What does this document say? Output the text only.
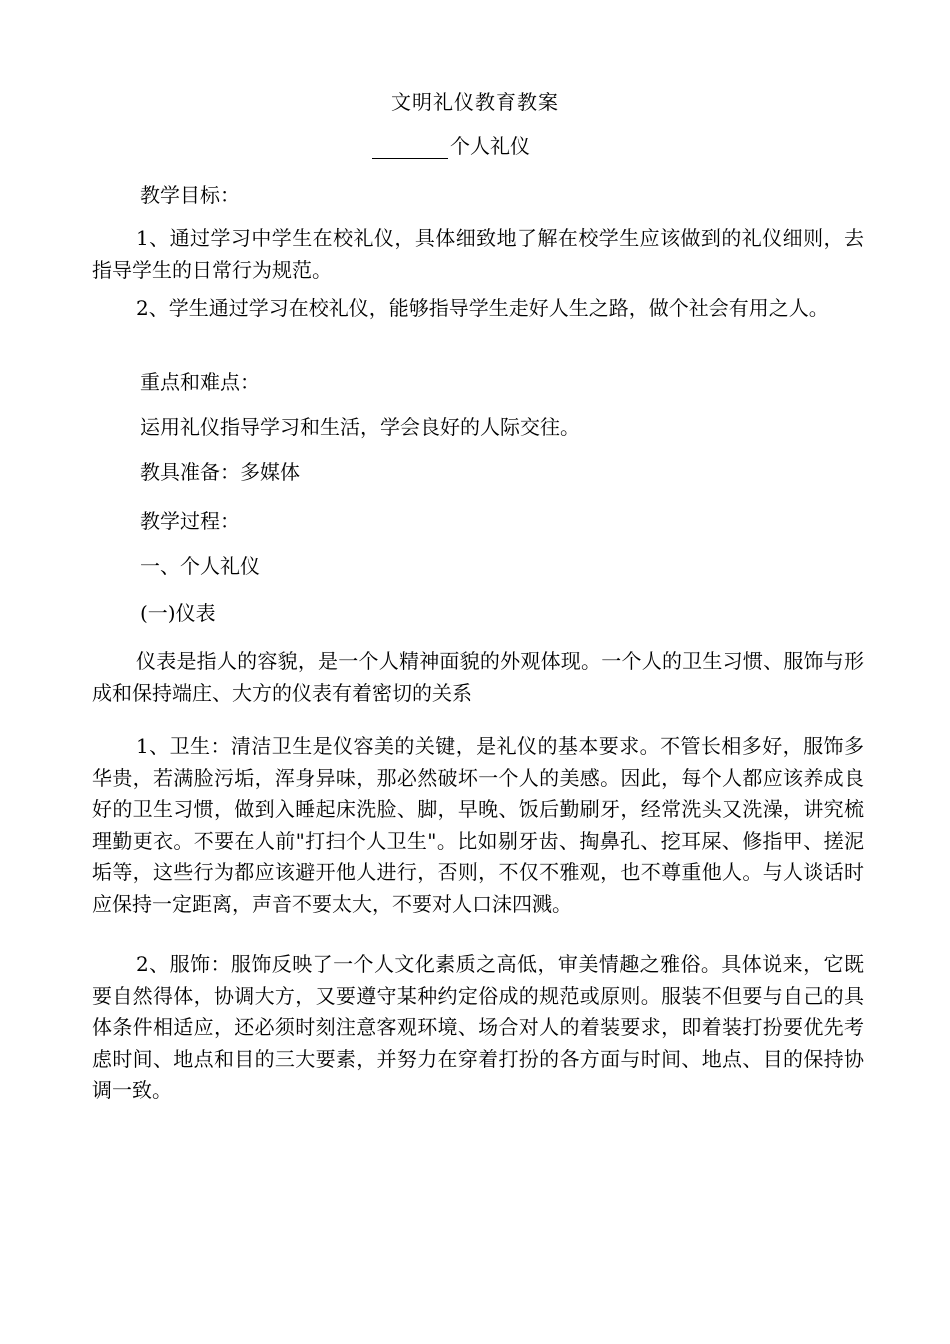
文明礼仪教育教案
个人礼仪
教学目标：

1、通过学习中学生在校礼仪，具体细致地了解在校学生应该做到的礼仪细则，去指导学生的日常行为规范。

2、学生通过学习在校礼仪，能够指导学生走好人生之路，做个社会有用之人。

重点和难点：
运用礼仪指导学习和生活，学会良好的人际交往。
教具准备：多媒体
教学过程：
一、个人礼仪
(一)仪表

仪表是指人的容貌，是一个人精神面貌的外观体现。一个人的卫生习惯、服饰与形成和保持端庄、大方的仪表有着密切的关系

1、卫生：清洁卫生是仪容美的关键，是礼仪的基本要求。不管长相多好，服饰多华贵，若满脸污垢，浑身异味，那必然破坏一个人的美感。因此，每个人都应该养成良好的卫生习惯，做到入睡起床洗脸、脚，早晚、饭后勤刷牙，经常洗头又洗澡，讲究梳理勤更衣。不要在人前"打扫个人卫生"。比如剔牙齿、掏鼻孔、挖耳屎、修指甲、搓泥垢等，这些行为都应该避开他人进行，否则，不仅不雅观，也不尊重他人。与人谈话时应保持一定距离，声音不要太大，不要对人口沫四溅。

2、服饰：服饰反映了一个人文化素质之高低，审美情趣之雅俗。具体说来，它既要自然得体，协调大方，又要遵守某种约定俗成的规范或原则。服装不但要与自己的具体条件相适应，还必须时刻注意客观环境、场合对人的着装要求，即着装打扮要优先考虑时间、地点和目的三大要素，并努力在穿着打扮的各方面与时间、地点、目的保持协调一致。
